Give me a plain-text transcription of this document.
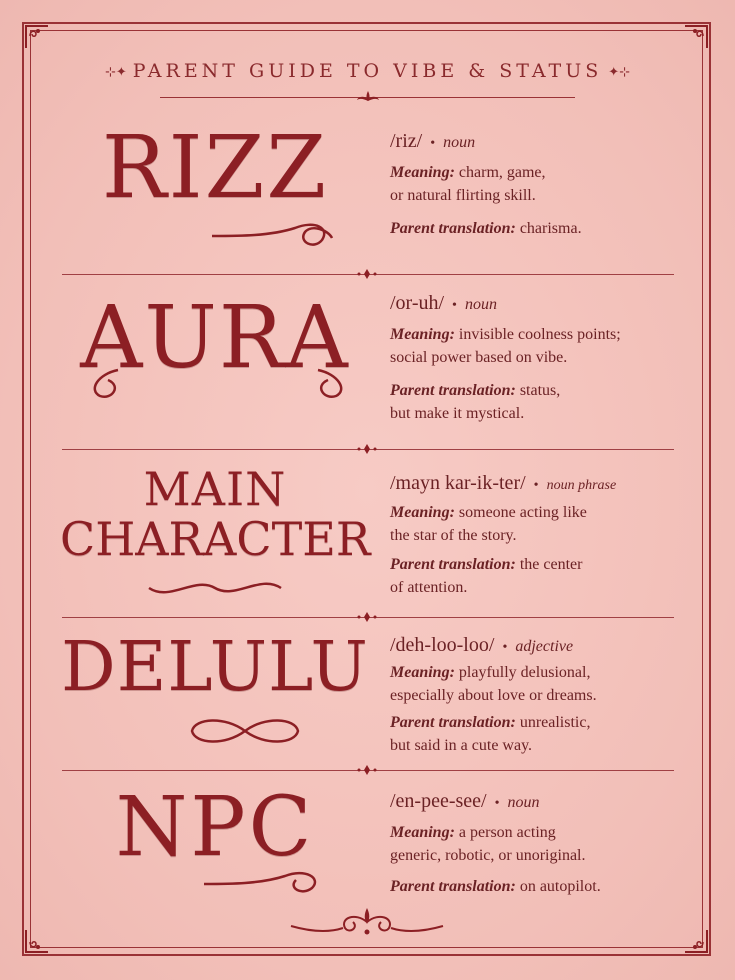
⊹✦ PARENT GUIDE TO VIBE & STATUS ✦⊹
RIZZ	/riz/ • noun
Meaning: charm, game,
or natural flirting skill.
Parent translation: charisma.
AURA	/or-uh/ • noun
Meaning: invisible coolness points;
social power based on vibe.
Parent translation: status,
but make it mystical.
MAIN
CHARACTER
/mayn kar-ik-ter/ • noun phrase
Meaning: someone acting like
the star of the story.
Parent translation: the center
of attention.
DELULU /deh-loo-loo/ • adjective
Meaning: playfully delusional,
especially about love or dreams.
Parent translation: unrealistic,
but said in a cute way.
NPC	/en-pee-see/ • noun
Meaning: a person acting
generic, robotic, or unoriginal.
Parent translation: on autopilot.
